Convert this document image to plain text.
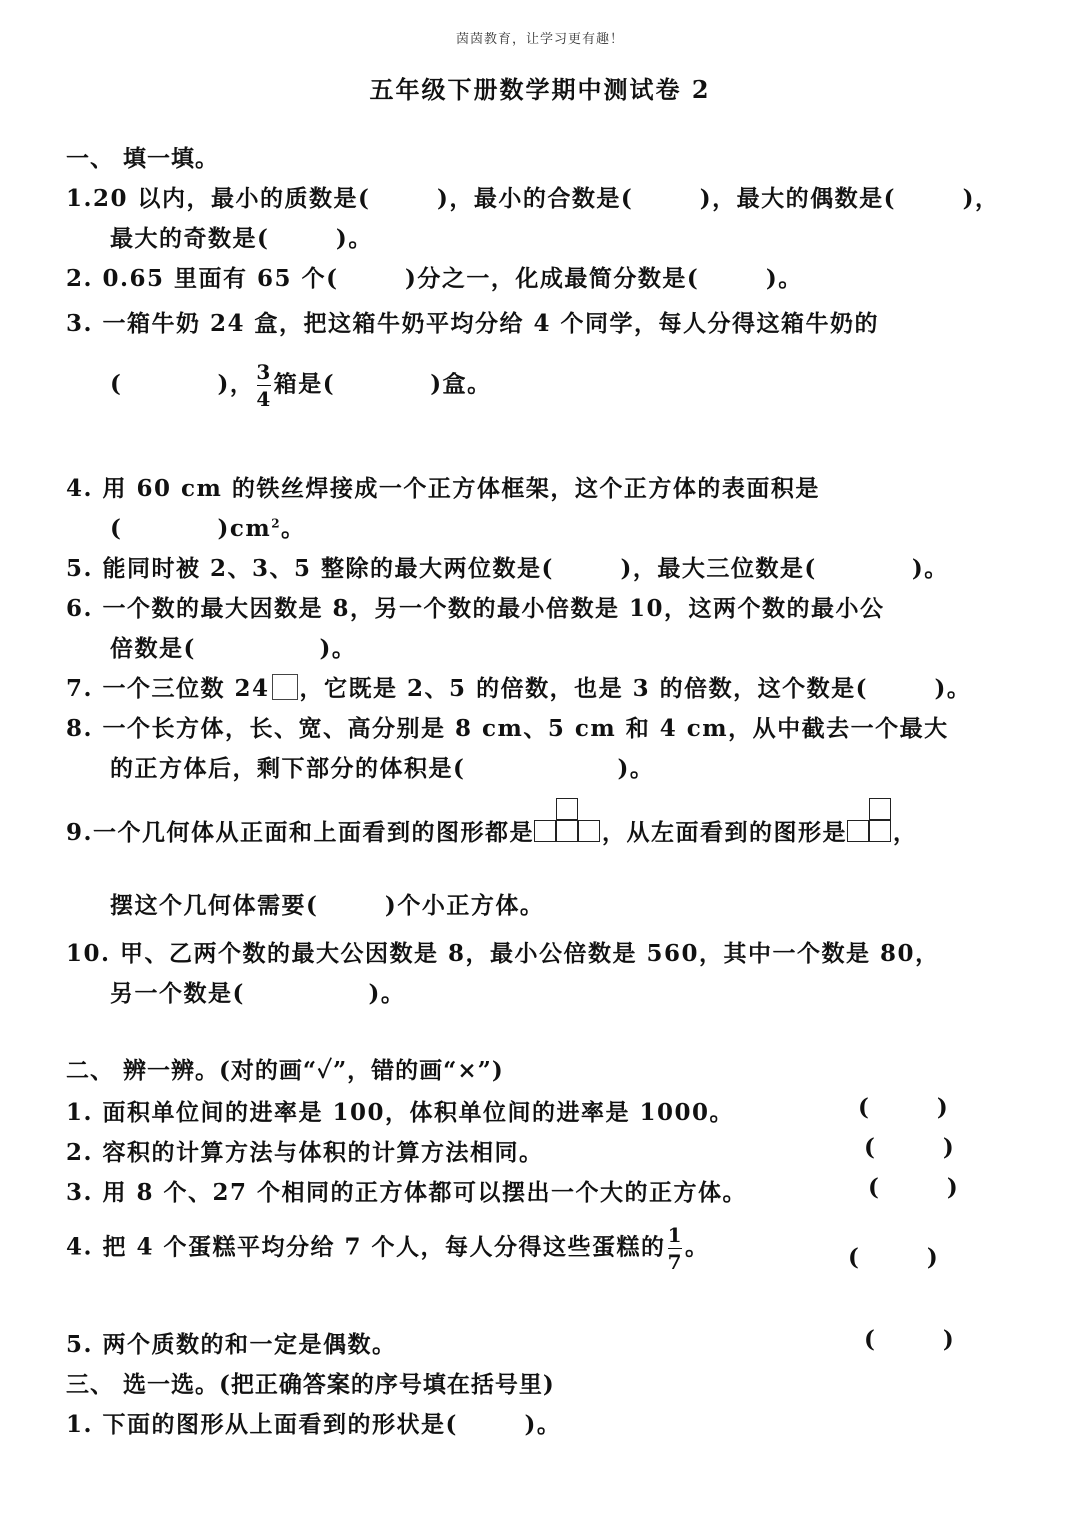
茵茵教育，让学习更有趣！
五年级下册数学期中测试卷 2
一、 填一填。
1.20 以内，最小的质数是(       )，最小的合数是(       )，最大的偶数是(       )，
最大的奇数是(       )。
2. 0.65 里面有 65 个(       )分之一，化成最简分数是(       )。
3. 一箱牛奶 24 盒，把这箱牛奶平均分给 4 个同学，每人分得这箱牛奶的
(          )， $\frac{3}{4}$ 箱是(          )盒。
4. 用 60 cm 的铁丝焊接成一个正方体框架，这个正方体的表面积是
(          )$cm^2$。
5. 能同时被 2、3、5 整除的最大两位数是(       )，最大三位数是(          )。
6. 一个数的最大因数是 8，另一个数的最小倍数是 10，这两个数的最小公
倍数是(             )。
7. 一个三位数 24 ，它既是 2、5 的倍数，也是 3 的倍数，这个数是(       )。
8. 一个长方体，长、宽、高分别是 8 cm、5 cm 和 4 cm，从中截去一个最大
的正方体后，剩下部分的体积是(                )。
9.一个几何体从正面和上面看到的图形都是	，从左面看到的图形是 ，
摆这个几何体需要(       )个小正方体。
10. 甲、乙两个数的最大公因数是 8，最小公倍数是 560，其中一个数是 80，
另一个数是(             )。
二、 辨一辨。(对的画“✓”，错的画“×”)
1. 面积单位间的进率是 100，体积单位间的进率是 1000。	(       )
2. 容积的计算方法与体积的计算方法相同。	(       )
3. 用 8 个、27 个相同的正方体都可以摆出一个大的正方体。	(       )
4. 把 4 个蛋糕平均分给 7 个人，每人分得这些蛋糕的 $\frac{1}{7}$ 。	(       )
5. 两个质数的和一定是偶数。	(       )
三、 选一选。(把正确答案的序号填在括号里)
1. 下面的图形从上面看到的形状是(       )。
